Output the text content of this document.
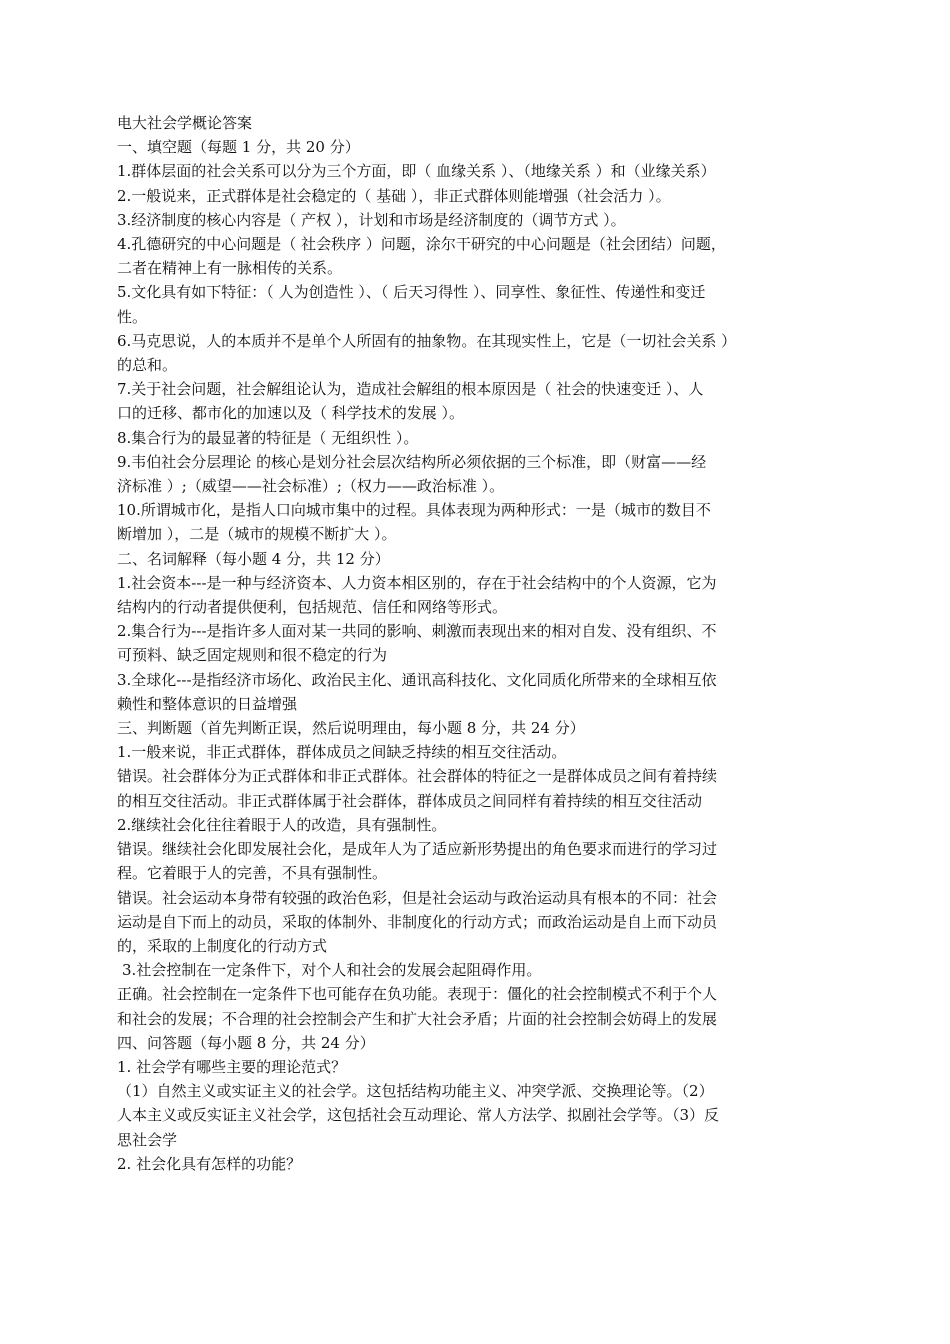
电大社会学概论答案

一、填空题（每题 1 分，共 20 分）

1.群体层面的社会关系可以分为三个方面，即（ 血缘关系 ）、（地缘关系 ）和（业缘关系）

2.一般说来，正式群体是社会稳定的（ 基础 ），非正式群体则能增强（社会活力 ）。

3.经济制度的核心内容是（ 产权 ），计划和市场是经济制度的（调节方式 ）。

4.孔德研究的中心问题是（ 社会秩序 ）问题，涂尔干研究的中心问题是（社会团结）问题，

二者在精神上有一脉相传的关系。

5.文化具有如下特征：（ 人为创造性 ）、（ 后天习得性 ）、同享性、象征性、传递性和变迁

性。

6.马克思说，人的本质并不是单个人所固有的抽象物。在其现实性上，它是（一切社会关系 ）

的总和。

7.关于社会问题，社会解组论认为，造成社会解组的根本原因是（ 社会的快速变迁 ）、人

口的迁移、都市化的加速以及（ 科学技术的发展 ）。

8.集合行为的最显著的特征是（ 无组织性 ）。

9.韦伯社会分层理论 的核心是划分社会层次结构所必须依据的三个标准，即（财富——经

济标准 ）;（威望——社会标准）;（权力——政治标准 ）。

10.所谓城市化，是指人口向城市集中的过程。具体表现为两种形式：一是（城市的数目不

断增加 ），二是（城市的规模不断扩大 ）。

二、名词解释（每小题 4 分，共 12 分）

1.社会资本---是一种与经济资本、人力资本相区别的，存在于社会结构中的个人资源，它为

结构内的行动者提供便利，包括规范、信任和网络等形式。

2.集合行为---是指许多人面对某一共同的影响、刺激而表现出来的相对自发、没有组织、不

可预料、缺乏固定规则和很不稳定的行为

3.全球化---是指经济市场化、政治民主化、通讯高科技化、文化同质化所带来的全球相互依

赖性和整体意识的日益增强

三、判断题（首先判断正误，然后说明理由，每小题 8 分，共 24 分）

1.一般来说，非正式群体，群体成员之间缺乏持续的相互交往活动。

错误。社会群体分为正式群体和非正式群体。社会群体的特征之一是群体成员之间有着持续

的相互交往活动。非正式群体属于社会群体，群体成员之间同样有着持续的相互交往活动

2.继续社会化往往着眼于人的改造，具有强制性。

错误。继续社会化即发展社会化，是成年人为了适应新形势提出的角色要求而进行的学习过

程。它着眼于人的完善，不具有强制性。

错误。社会运动本身带有较强的政治色彩，但是社会运动与政治运动具有根本的不同：社会

运动是自下而上的动员，采取的体制外、非制度化的行动方式；而政治运动是自上而下动员

的，采取的上制度化的行动方式

3.社会控制在一定条件下，对个人和社会的发展会起阻碍作用。

正确。社会控制在一定条件下也可能存在负功能。表现于：僵化的社会控制模式不利于个人

和社会的发展；不合理的社会控制会产生和扩大社会矛盾；片面的社会控制会妨碍上的发展

四、问答题（每小题 8 分，共 24 分）

1. 社会学有哪些主要的理论范式？

（1）自然主义或实证主义的社会学。这包括结构功能主义、冲突学派、交换理论等。（2）

人本主义或反实证主义社会学，这包括社会互动理论、常人方法学、拟剧社会学等。（3）反

思社会学

2. 社会化具有怎样的功能？
